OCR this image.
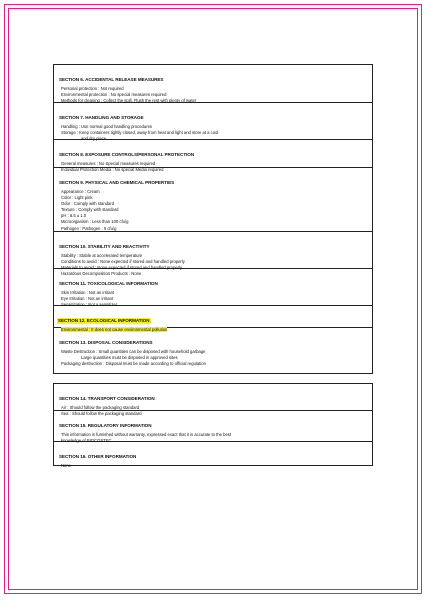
SECTION 6. ACCIDENTAL RELEASE MEASURES
Personal protection : Not required
Environmental protection : No special measures required
Methods for cleaning : Collect the spill. Flush the rest with plenty of water
SECTION 7. HANDLING AND STORAGE
Handling : Use normal good handling procedures
Storage : Keep containers tightly closed, away from heat and light and store at a cool
and dry place.
SECTION 8. EXPOSURE CONTROLS/PERSONAL PROTECTION
General measures : No Special measures required
Individual Protection Media : No special Media required
SECTION 9. PHYSICAL AND CHEMICAL PROPERTIES
Appearance : Cream
Color : Light pink
Odor : Comply with standard
Texture : Comply with standard
pH : 6.5 ± 1.0
Microorganism : Less than 100 cfu/g
Pathogen : Pathogen : 0 cfu/g
SECTION 10. STABILITY AND REACTIVITY
Stability : Stable at accelerated temperature
Conditions to avoid : None expected if stored and handled properly
Materials to avoid : None expected if stored and handled properly
Hazardous Decomposition Products : None
SECTION 11. TOXICOLOGICAL INFORMATION
Skin Irritation : Not an irritant
Eye Irritation : Not an irritant
Sensitization : Not a sensitizer
SECTION 12. ECOLOGICAL INFORMATION
Environmental : It does not cause environmental pollution
SECTION 13. DISPOSAL CONSIDERATIONS
Waste Destruction : Small quantities can be disposed with household garbage
Large quantities must be disposed in approved sites
Packaging destruction : Disposal must be made according to official regulation
SECTION 14. TRANSPORT CONSIDERATION
Air : Should follow the packaging standard
Sea : Should follow the packaging standard
SECTION 15. REGULATORY INFORMATION
This information is furnished without warranty, expressed exact that it is accurate to the best
knowledge of BIOCOSTEC.
SECTION 16. OTHER INFORMATION
None
